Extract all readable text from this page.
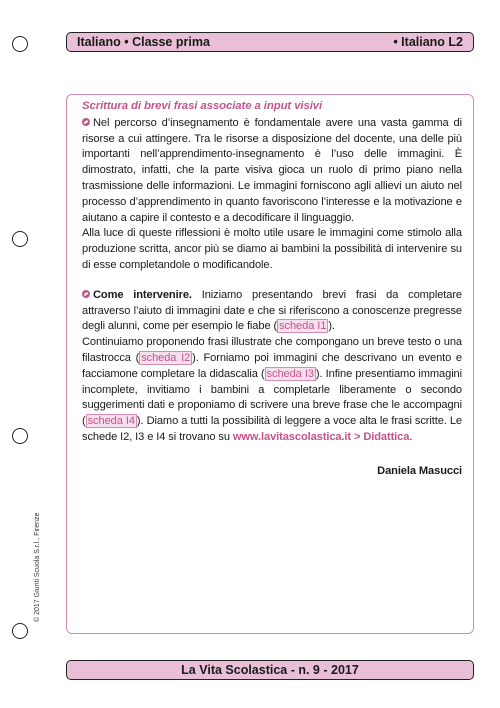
Italiano • Classe prima	• Italiano L2

Scrittura di brevi frasi associate a input visivi

Nel percorso d’insegnamento è fondamentale avere una vasta gamma di risorse a cui attingere. Tra le risorse a disposizione del docente, una delle più importanti nell’apprendimento-insegnamento è l’uso delle immagini. È dimostrato, infatti, che la parte visiva gioca un ruolo di primo piano nella trasmissione delle informazioni. Le immagini forniscono agli allievi un aiuto nel processo d’apprendimento in quanto favoriscono l’interesse e la motivazione e aiutano a capire il contesto e a decodificare il linguaggio.

Alla luce di queste riflessioni è molto utile usare le immagini come stimolo alla produzione scritta, ancor più se diamo ai bambini la possibilità di intervenire su di esse completandole o modificandole.

Come intervenire. Iniziamo presentando brevi frasi da completare attraverso l’aiuto di immagini date e che si riferiscono a conoscenze pregresse degli alunni, come per esempio le fiabe ( scheda I1 ).

Continuiamo proponendo frasi illustrate che compongano un breve testo o una filastrocca ( scheda I2 ). Forniamo poi immagini che descrivano un evento e facciamone completare la didascalia ( scheda I3 ). Infine presentiamo immagini incomplete, invitiamo i bambini a completarle liberamente o secondo suggerimenti dati e proponiamo di scrivere una breve frase che le accompagni ( scheda I4 ). Diamo a tutti la possibilità di leggere a voce alta le frasi scritte. Le schede I2, I3 e I4 si trovano su www.lavitascolastica.it > Didattica.

Daniela Masucci

© 2017 Giunti Scuola S.r.l., Firenze
La Vita Scolastica - n. 9 - 2017
